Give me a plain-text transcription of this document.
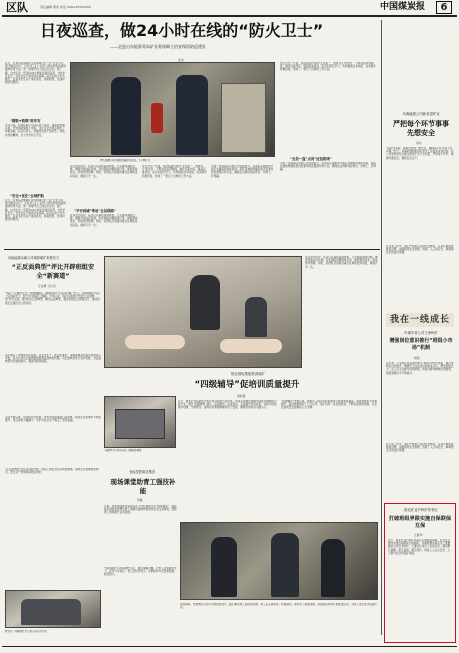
区队	责任编辑 周亮 电话 0000-67555000	中国煤炭报	6
日夜巡查，做24小时在线的“防火卫士”
——走进山东能源青岛矿业务保障主治安保消防巡逻队
宋杰
近日，在青岛能源新矿业务保障分会一起“安全示范周”消防活动上，区队员工们一起学习防火知识和消防器材使用方法。进一步提升员工的安全意识。据了解，这支队伍一直坚持24小时轮流值班巡逻，守护矿区安全，为安全生产提供坚实保障。队员们每天早出晚归，巡查全矿区各个重点部位，排查隐患，发现问题及时整改。
“钢铁+铁锁”筑牢安
今年以来，巡逻队累计出动巡查千余次，排查隐患数百项，开展消防演练十余场，为矿区安全稳定做出了积极贡献。队员们表示，将继续发扬不怕吃苦、连续作战的精神，全力守护矿区平安。
“安全+优化”全域护航
近日，在青岛能源新矿业务保障分会一起“安全示范周”消防活动上，区队员工们一起学习防火知识和消防器材使用方法。进一步提升员工的安全意识。据了解，这支队伍一直坚持24小时轮流值班巡逻，守护矿区安全，为安全生产提供坚实保障。队员们每天早出晚归，巡查全矿区各个重点部位，排查隐患，发现问题及时整改。
图为巡逻队员对消防设施进行检查。王子照片文
在巡逻过程中，队员们认真检查消防栓、灭火器等消防设施，确保设施完好有效。对发现的问题现场记录，督促整改落实，形成闭环管理。同时，巡逻队还加强对重点区域的夜间巡查，确保万无一失。
“平安同城”带动“全员保障”
在巡逻过程中，队员们认真检查消防栓、灭火器等消防设施，确保设施完好有效。对发现的问题现场记录，督促整改落实，形成闭环管理。同时，巡逻队还加强对重点区域的夜间巡查，确保万无一失。
在安全生产方面，巡逻队始终坚持“安全第一、预防为主”的方针，不断完善巡逻制度，细化巡查内容，提高巡查质量。队员们相互学习，共同提高业务技能，在实践中积累经验，形成了一套行之有效的工作方法。
为进一步提高队员的应急处置能力，巡逻队定期组织开展应急演练和技能培训，使队员熟练掌握各类突发事件的处置程序和方法，确保在关键时刻拉得出、冲得上、打得赢。
在安全生产方面，巡逻队始终坚持“安全第一、预防为主”的方针，不断完善巡逻制度，细化巡查内容，提高巡查质量。队员们相互学习，共同提高业务技能，在实践中积累经验，形成了一套行之有效的工作方法。
“全员一盘”点亮“应急防线”
为进一步提高队员的应急处置能力，巡逻队定期组织开展应急演练和技能培训，使队员熟练掌握各类突发事件的处置程序和方法，确保在关键时刻拉得出、冲得上、打得赢。
乌海能源公司新希望矿业
严把每个环节事事先想安全
李东
“每次作业前，我都会先想一想安全，确保每个环节都不出问题。”近日，乌海能源新希望矿业员工在接受采访时说。该公司坚持把安全理念贯穿于生产全过程，严把每个环节，事事先想安全，确保安全生产。
在日常工作中，他们严格执行各项安全制度，认真开展隐患排查治理，加强现场安全管理，形成了人人讲安全、事事想安全的良好氛围。
我在一线成长
中煤华晋公司王家岭矿
增强岗位意识推行“班组小市场”机制
杨阳
近年来，王家岭矿在班组中推行“班组小市场”机制，通过市场化运作模式，增强员工岗位意识和成本意识，激发班组活力。员工们主动参与班组管理，积极为降本增效出谋划策，班组管理水平不断提升。
在日常工作中，他们严格执行各项安全制度，认真开展隐患排查治理，加强现场安全管理，形成了人人讲安全、事事想安全的良好氛围。
淮北矿业芦岭矿综采区
打破班组界限实施自保联保互保
王新华
近日，淮北矿业芦岭矿综采区打破班组界限，在全区范围内实施自保联保互保制度。该制度要求每名员工既要做好自身安全防护，又要关注身边工友的安全，做到相互提醒、相互监督、相互保护，形成人人关心安全、人人参与安全的良好氛围。
河南能源永煤公司城郊煤矿举措有力
“正反面典型”评比开辟班组安全“新赛道”
王金勇 马小田
“我们一定要把安全工作做细做实，确保班组不出任何问题。”近日，在城郊煤矿综采一队班前会上，班长对全班职工强调。今年以来，该矿在班组中开展“正反面典型”评比活动，通过树立正面典型、曝光反面典型，激发班组安全管理活力，推动班组安全建设迈上新台阶。
该矿制定了详细的评比标准，从安全生产、质量标准化、现场管理等方面对班组进行考核，每月评选出正面典型班组和反面典型班组。对正面典型进行表彰奖励，对反面典型进行通报批评，督促其整改提高。
活动开展以来，各班组比学赶超、争先创优的氛围日益浓厚，班组安全管理水平明显提升，违章现象大幅减少，为矿井安全生产奠定了坚实基础。
“正反面典型”评比活动的开展，使职工的安全意识明显增强，班组安全管理更加规范，安全生产形势持续稳定向好。
在巡逻过程中，队员们认真检查消防栓、灭火器等消防设施，确保设施完好有效。对发现的问题现场记录，督促整改落实，形成闭环管理。同时，巡逻队还加强对重点区域的夜间巡查，确保万无一失。
皖北煤电集团淮滨煤矿
“四级辅导”促培训质量提升
刘彩霞
近日，淮北矿业集团在芦岭矿举办班组长培训班。培训采用理论讲解与现场实操相结合的方式，通过“四级辅导”模式，层层推进、步步落实，全面提升培训质量。该模式包括集中授课、分组研讨、现场指导和跟踪辅导四个层级，确保培训内容入脑入心。
“四级辅导”实施以来，参培员工的业务技能和综合素质明显提高，班组管理水平显著提升，培训效果得到了广泛认可。该矿将进一步总结经验，不断完善培训机制，为企业高质量发展提供人才支撑。
“老师傅”正在给年轻员工讲解操作要领。
晋能控股煤业集团
现场课堂助青工强技补能
李磊
日前，晋能控股煤业集团在井下作业现场开设“现场课堂”，由经验丰富的老师傅为青工讲解设备操作要领和安全注意事项，帮助青工快速提升业务技能。
“现场课堂”以实际操作为主，理论讲解为辅，让青工在实践中学习、在学习中成长。青工们纷纷表示，这种培训方式直观易懂，收获很大。
培训期间，老师傅们手把手传授经验技巧，耐心解答青工提出的问题。青工们认真听讲、积极提问，现场学习氛围浓厚。该集团将持续开展此类活动，为青工成长成才搭建平台。
图为员工“开展班组”正在进行安全互查学习。
